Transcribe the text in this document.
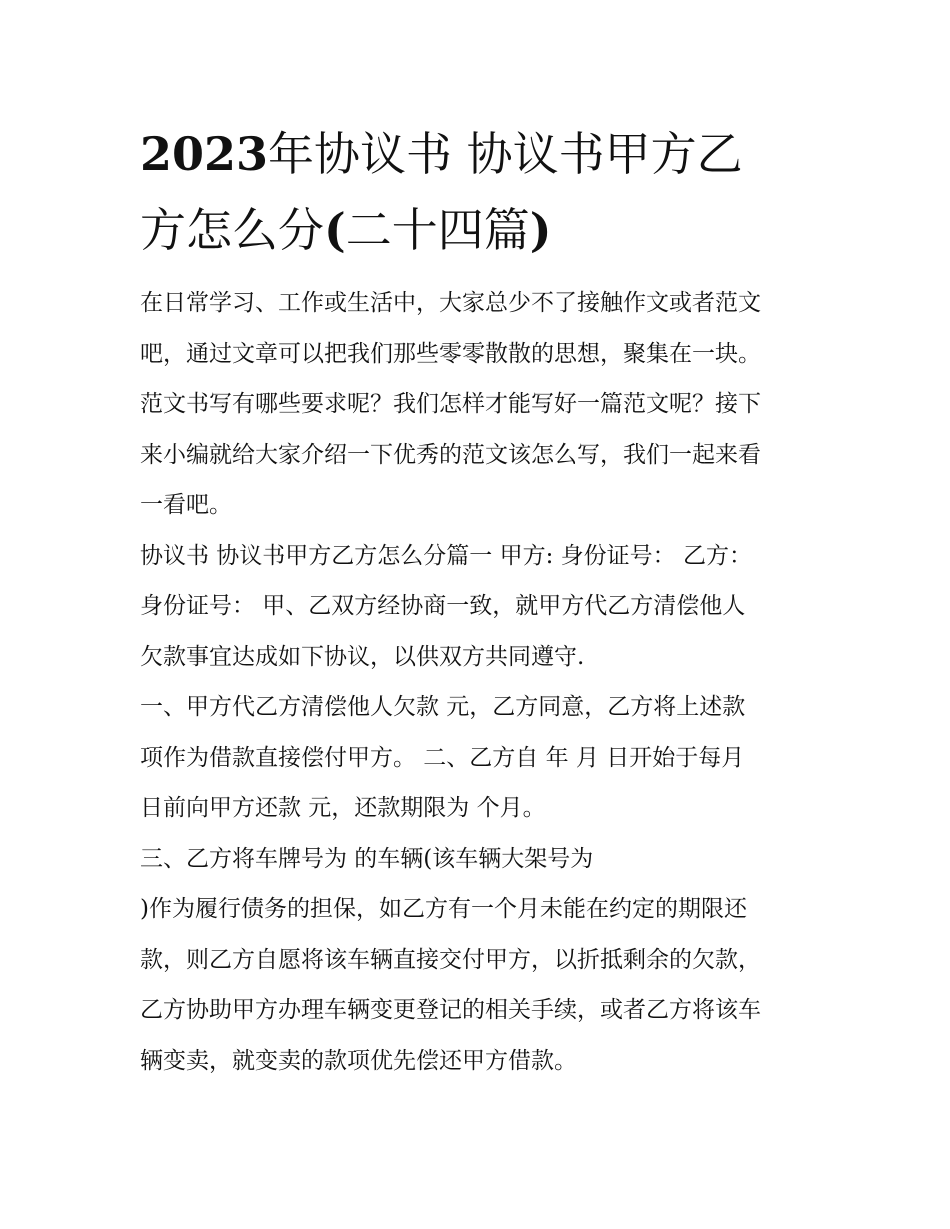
2023年协议书 协议书甲方乙
方怎么分(二十四篇)
在日常学习、工作或生活中，大家总少不了接触作文或者范文
吧，通过文章可以把我们那些零零散散的思想，聚集在一块。
范文书写有哪些要求呢？我们怎样才能写好一篇范文呢？接下
来小编就给大家介绍一下优秀的范文该怎么写，我们一起来看
一看吧。
协议书 协议书甲方乙方怎么分篇一 甲方: 身份证号： 乙方：
身份证号： 甲、乙双方经协商一致，就甲方代乙方清偿他人
欠款事宜达成如下协议，以供双方共同遵守.
一、甲方代乙方清偿他人欠款 元，乙方同意，乙方将上述款
项作为借款直接偿付甲方。 二、乙方自 年 月 日开始于每月
日前向甲方还款 元，还款期限为 个月。
三、乙方将车牌号为 的车辆(该车辆大架号为
)作为履行债务的担保，如乙方有一个月未能在约定的期限还
款，则乙方自愿将该车辆直接交付甲方，以折抵剩余的欠款，
乙方协助甲方办理车辆变更登记的相关手续，或者乙方将该车
辆变卖，就变卖的款项优先偿还甲方借款。
